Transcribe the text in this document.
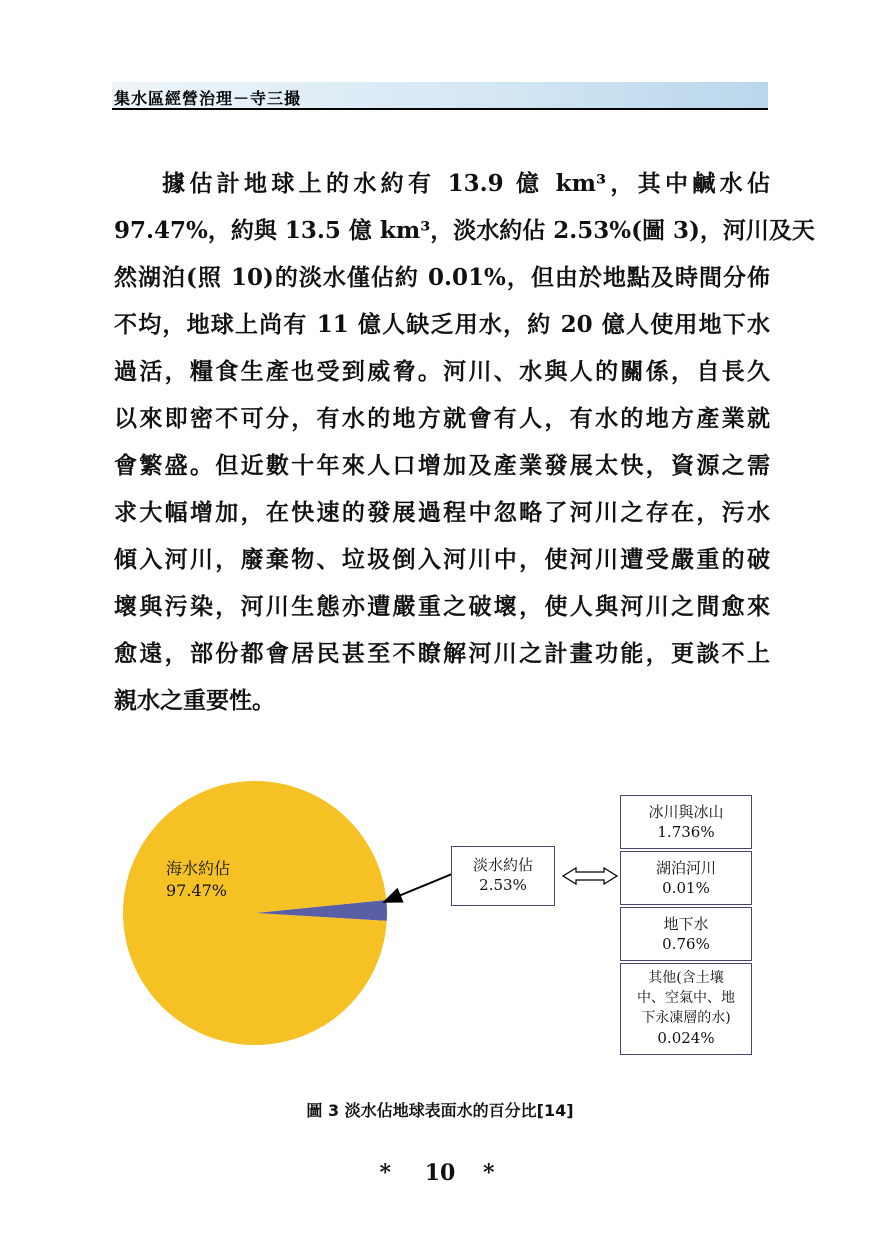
集水區經營治理－寺三撮
據估計地球上的水約有 13.9 億 km³，其中鹹水佔
97.47%，約與 13.5 億 km³，淡水約佔 2.53%(圖 3)，河川及天
然湖泊(照 10)的淡水僅佔約 0.01%，但由於地點及時間分佈
不均，地球上尚有 11 億人缺乏用水，約 20 億人使用地下水
過活，糧食生產也受到威脅。河川、水與人的關係，自長久
以來即密不可分，有水的地方就會有人，有水的地方產業就
會繁盛。但近數十年來人口增加及產業發展太快，資源之需
求大幅增加，在快速的發展過程中忽略了河川之存在，污水
傾入河川，廢棄物、垃圾倒入河川中，使河川遭受嚴重的破
壞與污染，河川生態亦遭嚴重之破壞，使人與河川之間愈來
愈遠，部份都會居民甚至不瞭解河川之計畫功能，更談不上
親水之重要性。
海水約佔
97.47%
淡水約佔
2.53%
冰川與冰山
1.736%
湖泊河川
0.01%
地下水
0.76%
其他(含土壤
中、空氣中、地
下永凍層的水)
0.024%
圖 3 淡水佔地球表面水的百分比[14]
* 10 *
